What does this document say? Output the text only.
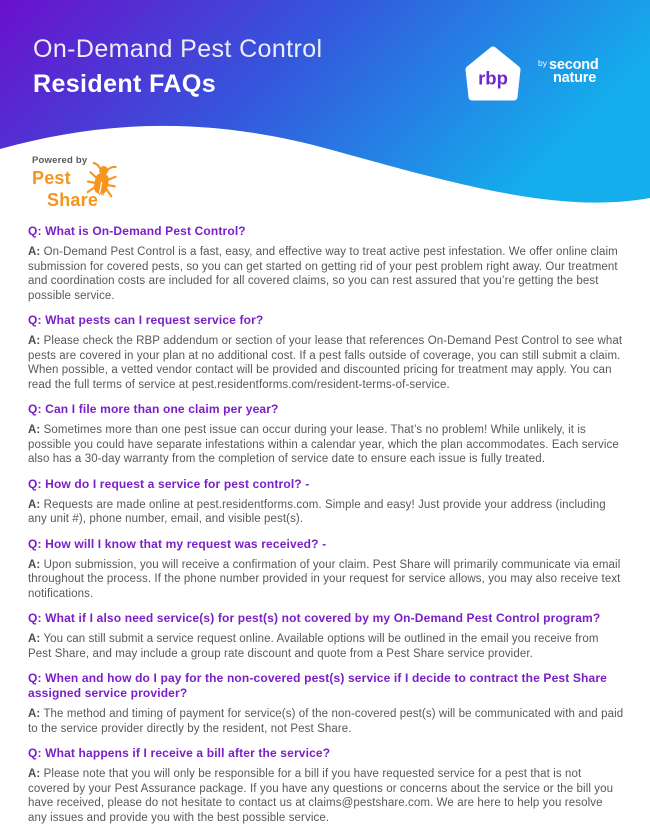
On-Demand Pest Control
Resident FAQs	rbp
by second
nature
Powered by
Pest
Share™
Q: What is On-Demand Pest Control?

A: On-Demand Pest Control is a fast, easy, and effective way to treat active pest infestation. We offer online claim submission for covered pests, so you can get started on getting rid of your pest problem right away. Our treatment and coordination costs are included for all covered claims, so you can rest assured that you’re getting the best possible service.

Q: What pests can I request service for?

A: Please check the RBP addendum or section of your lease that references On-Demand Pest Control to see what pests are covered in your plan at no additional cost. If a pest falls outside of coverage, you can still submit a claim. When possible, a vetted vendor contact will be provided and discounted pricing for treatment may apply. You can read the full terms of service at pest.residentforms.com/resident-terms-of-service.

Q: Can I file more than one claim per year?

A: Sometimes more than one pest issue can occur during your lease. That’s no problem! While unlikely, it is possible you could have separate infestations within a calendar year, which the plan accommodates. Each service also has a 30-day warranty from the completion of service date to ensure each issue is fully treated.

Q: How do I request a service for pest control? -

A: Requests are made online at pest.residentforms.com. Simple and easy! Just provide your address (including any unit #), phone number, email, and visible pest(s).

Q: How will I know that my request was received? -

A: Upon submission, you will receive a confirmation of your claim. Pest Share will primarily communicate via email throughout the process. If the phone number provided in your request for service allows, you may also receive text notifications.

Q: What if I also need service(s) for pest(s) not covered by my On-Demand Pest Control program?

A: You can still submit a service request online. Available options will be outlined in the email you receive from Pest Share, and may include a group rate discount and quote from a Pest Share service provider.

Q: When and how do I pay for the non-covered pest(s) service if I decide to contract the Pest Share assigned service provider?

A: The method and timing of payment for service(s) of the non-covered pest(s) will be communicated with and paid to the service provider directly by the resident, not Pest Share.

Q: What happens if I receive a bill after the service?

A: Please note that you will only be responsible for a bill if you have requested service for a pest that is not covered by your Pest Assurance package. If you have any questions or concerns about the service or the bill you have received, please do not hesitate to contact us at claims@pestshare.com. We are here to help you resolve any issues and provide you with the best possible service.
